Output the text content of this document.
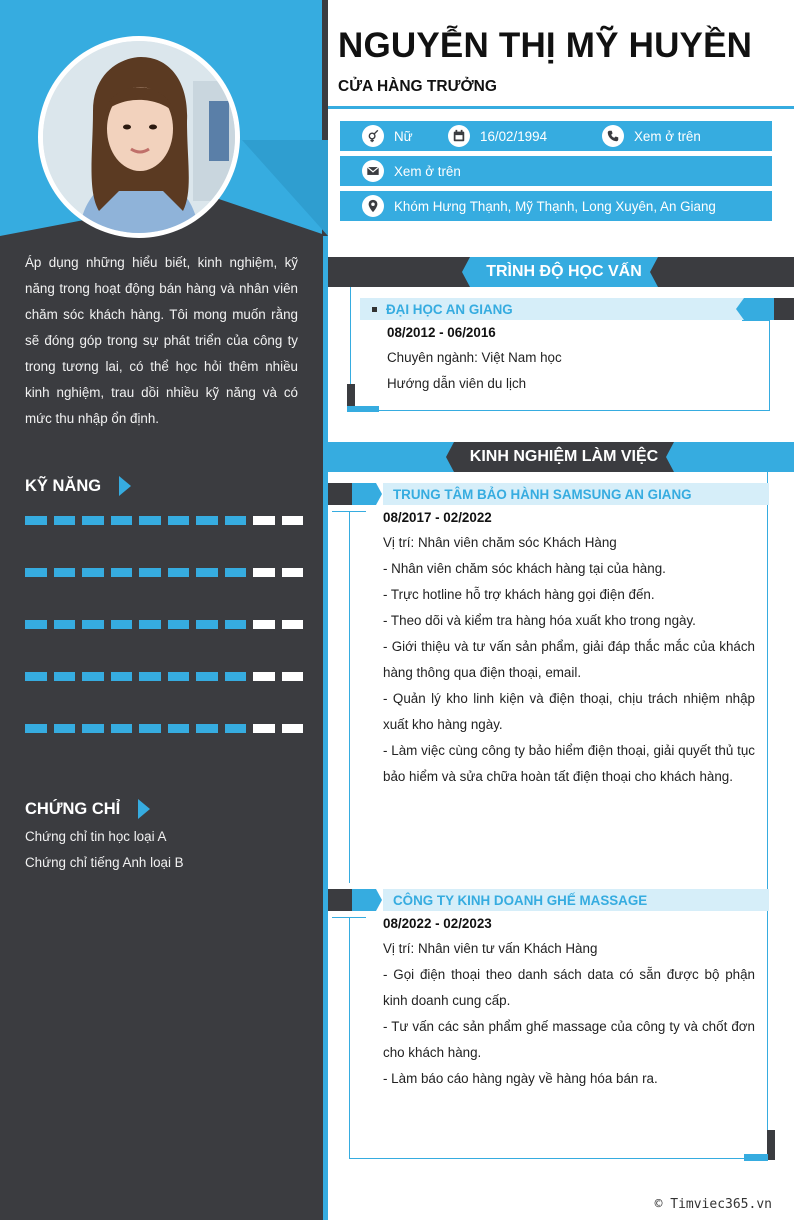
Áp dụng những hiểu biết, kinh nghiệm, kỹ năng trong hoạt động bán hàng và nhân viên chăm sóc khách hàng. Tôi mong muốn rằng sẽ đóng góp trong sự phát triển của công ty trong tương lai, có thể học hỏi thêm nhiều kinh nghiệm, trau dồi nhiều kỹ năng và có mức thu nhập ổn định.

KỸ NĂNG
CHỨNG CHỈ
Chứng chỉ tin học loại A
Chứng chỉ tiếng Anh loại B
NGUYỄN THỊ MỸ HUYỀN
CỬA HÀNG TRƯỞNG
Nữ	16/02/1994	Xem ở trên
Xem ở trên
Khóm Hưng Thạnh, Mỹ Thạnh, Long Xuyên, An Giang
TRÌNH ĐỘ HỌC VẤN
ĐẠI HỌC AN GIANG
08/2012 - 06/2016
Chuyên ngành: Việt Nam học
Hướng dẫn viên du lịch
KINH NGHIỆM LÀM VIỆC
TRUNG TÂM BẢO HÀNH SAMSUNG AN GIANG
08/2017 - 02/2022
Vị trí: Nhân viên chăm sóc Khách Hàng
- Nhân viên chăm sóc khách hàng tại của hàng.
- Trực hotline hỗ trợ khách hàng gọi điện đến.
- Theo dõi và kiểm tra hàng hóa xuất kho trong ngày.
- Giới thiệu và tư vấn sản phẩm, giải đáp thắc mắc của khách hàng thông qua điện thoại, email.
- Quản lý kho linh kiện và điện thoại, chịu trách nhiệm nhập xuất kho hàng ngày.
- Làm việc cùng công ty bảo hiểm điện thoại, giải quyết thủ tục bảo hiểm và sửa chữa hoàn tất điện thoại cho khách hàng.
CÔNG TY KINH DOANH GHẾ MASSAGE
08/2022 - 02/2023
Vị trí: Nhân viên tư vấn Khách Hàng
- Gọi điện thoại theo danh sách data có sẵn được bộ phận kinh doanh cung cấp.
- Tư vấn các sản phẩm ghế massage của công ty và chốt đơn cho khách hàng.
- Làm báo cáo hàng ngày về hàng hóa bán ra.
© Timviec365.vn
